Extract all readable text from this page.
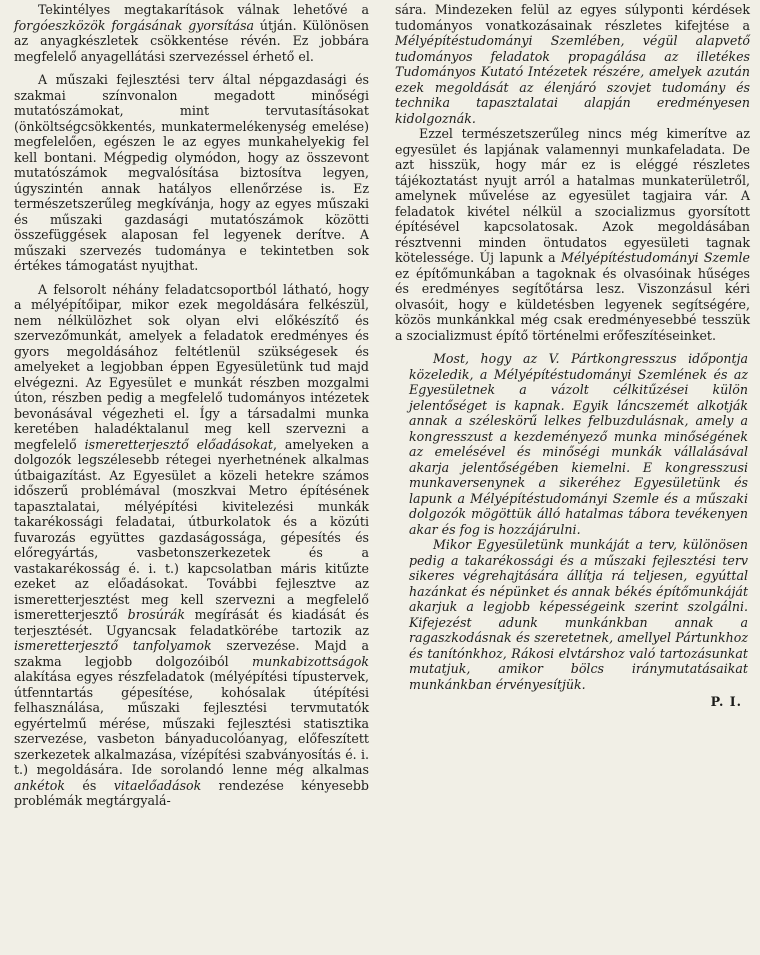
Tekintélyes megtakarítások válnak lehetővé a forgóeszközök forgásának gyorsítása útján. Különösen az anyagkészletek csökkentése révén. Ez jobbára megfelelő anyagellátási szervezéssel érhető el.

A műszaki fejlesztési terv által népgazdasági és szakmai színvonalon megadott minőségi mutatószámokat, mint tervutasításokat (önköltségcsökkentés, munkatermelékenység emelése) megfelelően, egészen le az egyes munkahelyekig fel kell bontani. Mégpedig olymódon, hogy az összevont mutatószámok megvalósítása biztosítva legyen, úgyszintén annak hatályos ellenőrzése is. Ez természetszerűleg megkívánja, hogy az egyes műszaki és műszaki gazdasági mutatószámok közötti összefüggések alaposan fel legyenek derítve. A műszaki szervezés tudománya e tekintetben sok értékes támogatást nyujthat.

A felsorolt néhány feladatcsoportból látható, hogy a mélyépítőipar, mikor ezek megoldására felkészül, nem nélkülözhet sok olyan elvi előkészítő és szervezőmunkát, amelyek a feladatok eredményes és gyors megoldásához feltétlenül szükségesek és amelyeket a legjobban éppen Egyesületünk tud majd elvégezni. Az Egyesület e munkát részben mozgalmi úton, részben pedig a megfelelő tudományos intézetek bevonásával végezheti el. Így a társadalmi munka keretében haladéktalanul meg kell szervezni a megfelelő ismeretterjesztő előadásokat, amelyeken a dolgozók legszélesebb rétegei nyerhetnének alkalmas útbaigazítást. Az Egyesület a közeli hetekre számos időszerű problémával (moszkvai Metro építésének tapasztalatai, mélyépítési kivitelezési munkák takarékossági feladatai, útburkolatok és a közúti fuvarozás együttes gazdaságossága, gépesítés és előregyártás, vasbetonszerkezetek és a vastakarékosság é. i. t.) kapcsolatban máris kitűzte ezeket az előadásokat. További fejlesztve az ismeretterjesztést meg kell szervezni a megfelelő ismeretterjesztő brosúrák megírását és kiadását és terjesztését. Ugyancsak feladatkörébe tartozik az ismeretterjesztő tanfolyamok szervezése. Majd a szakma legjobb dolgozóiból munkabizottságok alakítása egyes részfeladatok (mélyépítési típustervek, útfenntartás gépesítése, kohósalak útépítési felhasználása, műszaki fejlesztési tervmutatók egyértelmű mérése, műszaki fejlesztési statisztika szervezése, vasbeton bányaducolóanyag, előfeszített szerkezetek alkalmazása, vízépítési szabványosítás é. i. t.) megoldására. Ide sorolandó lenne még alkalmas ankétok és vitaelőadások rendezése kényesebb problémák megtárgyalá-

sára. Mindezeken felül az egyes súlyponti kérdések tudományos vonatkozásainak részletes kifejtése a Mélyépítéstudományi Szemlében, végül alapvető tudományos feladatok propagálása az illetékes Tudományos Kutató Intézetek részére, amelyek azután ezek megoldását az élenjáró szovjet tudomány és technika tapasztalatai alapján eredményesen kidolgoznák.

Ezzel természetszerűleg nincs még kimerítve az egyesület és lapjának valamennyi munkafeladata. De azt hisszük, hogy már ez is eléggé részletes tájékoztatást nyujt arról a hatalmas munkaterületről, amelynek művelése az egyesület tagjaira vár. A feladatok kivétel nélkül a szocializmus gyorsított építésével kapcsolatosak. Azok megoldásában résztvenni minden öntudatos egyesületi tagnak kötelessége. Új lapunk a Mélyépítéstudományi Szemle ez építőmunkában a tagoknak és olvasóinak hűséges és eredményes segítőtársa lesz. Viszonzásul kéri olvasóit, hogy e küldetésben legyenek segítségére, közös munkánkkal még csak eredményesebbé tesszük a szocializmust építő történelmi erőfeszítéseinket.

Most, hogy az V. Pártkongresszus időpontja közeledik, a Mélyépítéstudományi Szemlének és az Egyesületnek a vázolt célkitűzései külön jelentőséget is kapnak. Egyik láncszemét alkotják annak a széleskörű lelkes felbuzdulásnak, amely a kongresszust a kezdeményező munka minőségének az emelésével és minőségi munkák vállalásával akarja jelentőségében kiemelni. E kongresszusi munkaversenynek a sikeréhez Egyesületünk és lapunk a Mélyépítéstudományi Szemle és a műszaki dolgozók mögöttük álló hatalmas tábora tevékenyen akar és fog is hozzájárulni.

Mikor Egyesületünk munkáját a terv, különösen pedig a takarékossági és a műszaki fejlesztési terv sikeres végrehajtására állítja rá teljesen, egyúttal hazánkat és népünket és annak békés építőmunkáját akarjuk a legjobb képességeink szerint szolgálni. Kifejezést adunk munkánkban annak a ragaszkodásnak és szeretetnek, amellyel Pártunkhoz és tanítónkhoz, Rákosi elvtárshoz való tartozásunkat mutatjuk, amikor bölcs iránymutatásaikat munkánkban érvényesítjük.

P. I.
